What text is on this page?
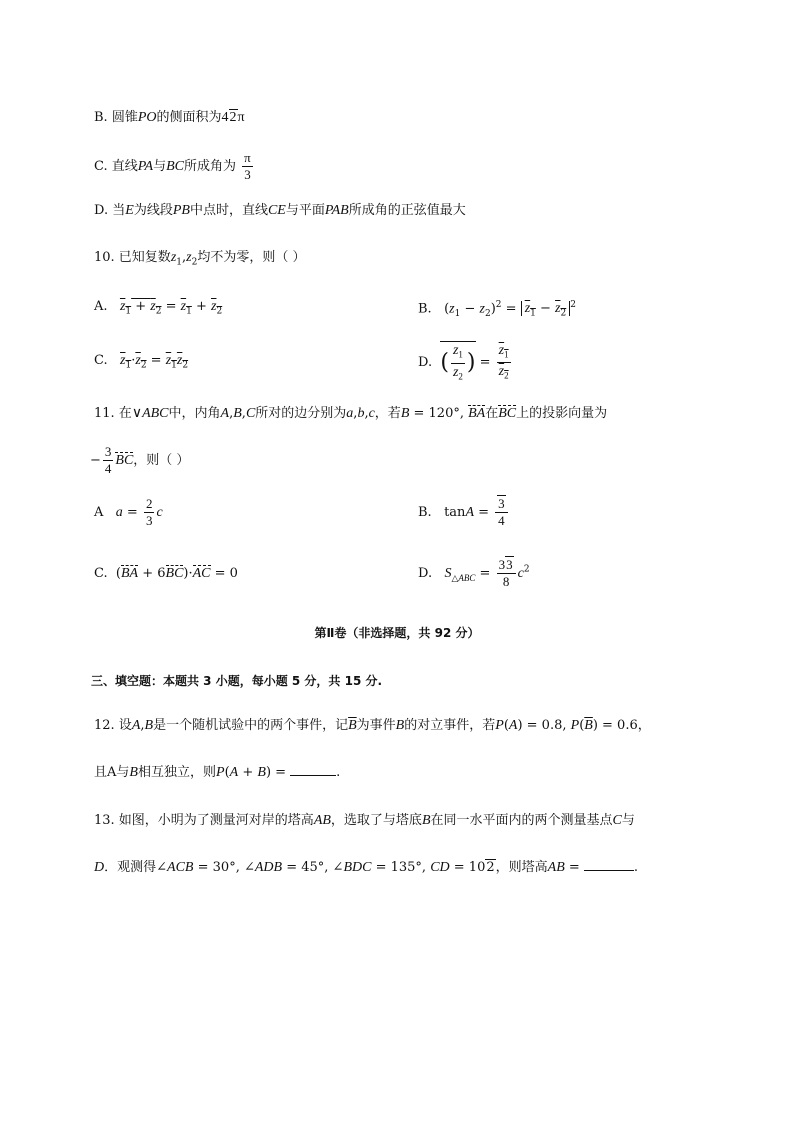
B. 圆锥PO的侧面积为42π
C. 直线PA与BC所成角为 $\frac{\pi}{3}$
D. 当E为线段PB中点时，直线CE与平面PAB所成角的正弦值最大
10. 已知复数$z_1,z_2$均不为零，则（ ）
A. $z_1 + z_2 = z_1 + z_2$	B.   $(z_1 - z_2)^2 = z_1 - z_2^2$
C. $z_1\cdot z_2 = z_1z_2$	D. ( $\frac{z_1}{z_2}$ ) = $\frac{z_1}{z_2}$
11. 在∨ABC中，内角A,B,C所对的边分别为a,b,c，若B = 120°, BA在BC上的投影向量为
− $\frac{3}{4}$ BC，则（ ）
A $a = \frac{2}{3}$ c	B.   $\tan A = \frac{3}{4}$
C.  (BA + 6BC)·AC = 0	D. $S_{\triangle ABC} = \frac{33}{8} c^2$
第Ⅱ卷（非选择题，共 92 分）
三、填空题：本题共 3 小题，每小题 5 分，共 15 分.
12. 设A,B是一个随机试验中的两个事件，记$\overline{B}$为事件B的对立事件，若P(A) = 0.8, $P(\overline{B}) = 0.6$，
且A与B相互独立，则P(A + B) =	.
13. 如图，小明为了测量河对岸的塔高AB，选取了与塔底B在同一水平面内的两个测量基点C与
D．观测得∠ACB = 30°, ∠ADB = 45°, ∠BDC = 135°, CD = 102，则塔高AB =	.
